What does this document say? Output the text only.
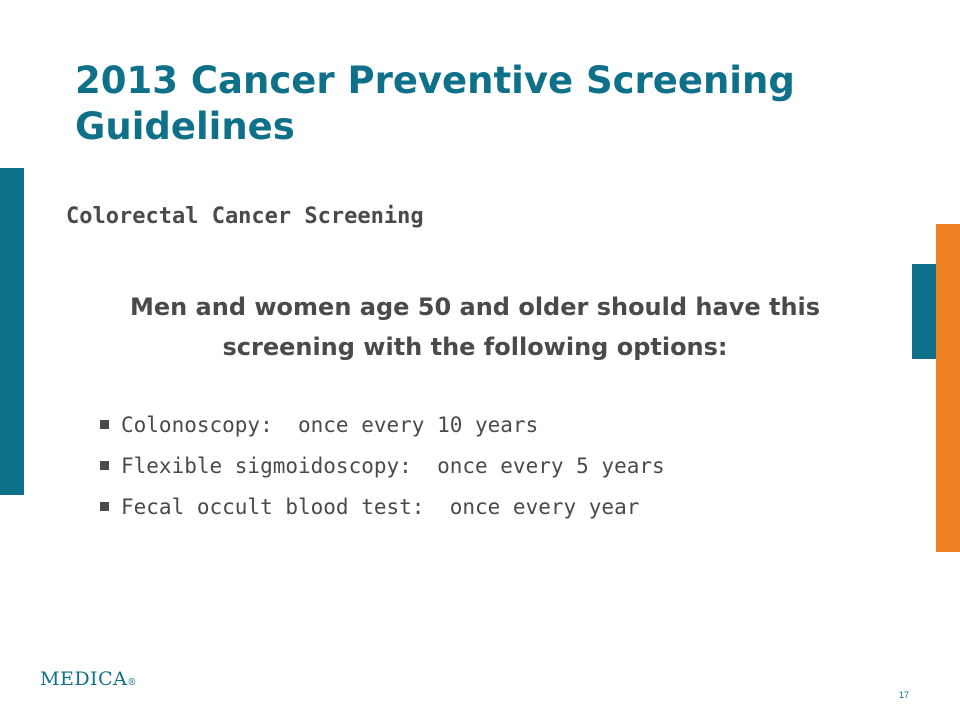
2013 Cancer Preventive Screening Guidelines
Colorectal Cancer Screening
Men and women age 50 and older should have this screening with the following options:
Colonoscopy:  once every 10 years
Flexible sigmoidoscopy:  once every 5 years
Fecal occult blood test:  once every year
MEDICA®
17
